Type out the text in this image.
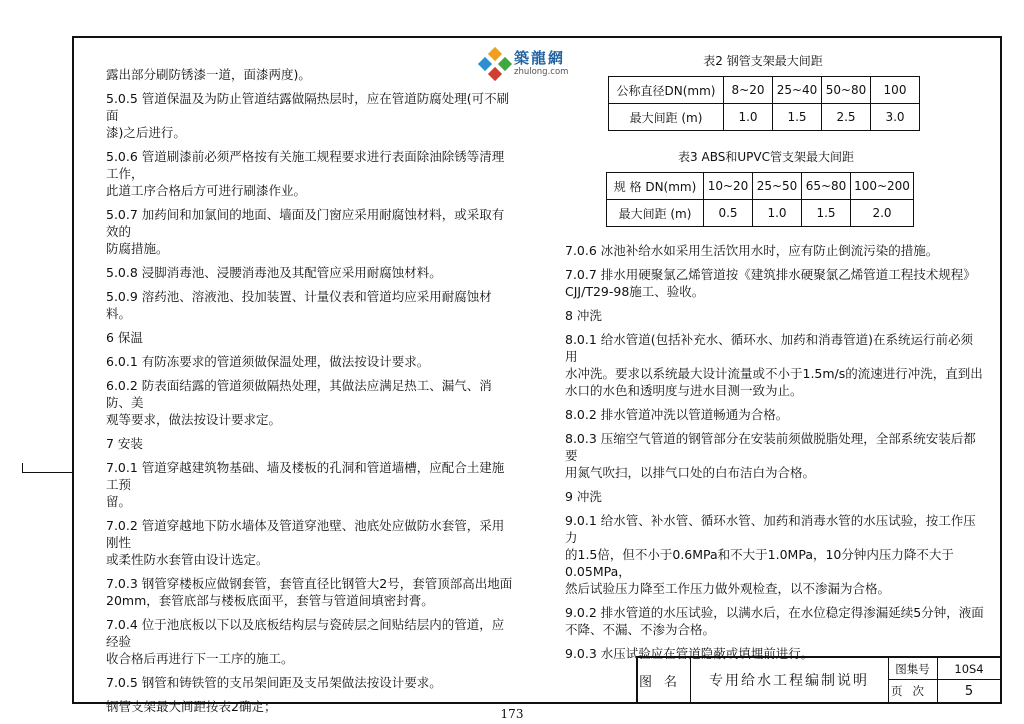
築龍網
zhulong.com

露出部分刷防锈漆一道，面漆两度)。

5.0.5 管道保温及为防止管道结露做隔热层时，应在管道防腐处理(可不刷面
漆)之后进行。

5.0.6 管道刷漆前必须严格按有关施工规程要求进行表面除油除锈等清理工作，
此道工序合格后方可进行刷漆作业。

5.0.7 加药间和加氯间的地面、墙面及门窗应采用耐腐蚀材料，或采取有效的
防腐措施。

5.0.8 浸脚消毒池、浸腰消毒池及其配管应采用耐腐蚀材料。

5.0.9 溶药池、溶液池、投加装置、计量仪表和管道均应采用耐腐蚀材料。

6 保温

6.0.1 有防冻要求的管道须做保温处理，做法按设计要求。

6.0.2 防表面结露的管道须做隔热处理，其做法应满足热工、漏气、消防、美
观等要求，做法按设计要求定。

7 安装

7.0.1 管道穿越建筑物基础、墙及楼板的孔洞和管道墙槽，应配合土建施工预
留。

7.0.2 管道穿越地下防水墙体及管道穿池壁、池底处应做防水套管，采用刚性
或柔性防水套管由设计选定。

7.0.3 钢管穿楼板应做钢套管，套管直径比钢管大2号，套管顶部高出地面
20mm，套管底部与楼板底面平，套管与管道间填密封膏。

7.0.4 位于池底板以下以及底板结构层与瓷砖层之间贴结层内的管道，应经验
收合格后再进行下一工序的施工。

7.0.5 钢管和铸铁管的支吊架间距及支吊架做法按设计要求。

钢管支架最大间距按表2确定；

表2 钢管支架最大间距
公称直径DN(mm)	8~20	25~40	50~80	100
最大间距 (m)	1.0	1.5	2.5	3.0
表3 ABS和UPVC管支架最大间距
规 格 DN(mm)	10~20	25~50	65~80	100~200
最大间距 (m)	0.5	1.0	1.5	2.0

7.0.6 冰池补给水如采用生活饮用水时，应有防止倒流污染的措施。

7.0.7 排水用硬聚氯乙烯管道按《建筑排水硬聚氯乙烯管道工程技术规程》
CJJ/T29-98施工、验收。

8 冲洗

8.0.1 给水管道(包括补充水、循环水、加药和消毒管道)在系统运行前必须用
水冲洗。要求以系统最大设计流量或不小于1.5m/s的流速进行冲洗，直到出
水口的水色和透明度与进水目测一致为止。

8.0.2 排水管道冲洗以管道畅通为合格。

8.0.3 压缩空气管道的钢管部分在安装前须做脱脂处理，全部系统安装后都要
用氮气吹扫，以排气口处的白布洁白为合格。

9 冲洗

9.0.1 给水管、补水管、循环水管、加药和消毒水管的水压试验，按工作压力
的1.5倍，但不小于0.6MPa和不大于1.0MPa，10分钟内压力降不大于0.05MPa，
然后试验压力降至工作压力做外观检查，以不渗漏为合格。

9.0.2 排水管道的水压试验，以满水后，在水位稳定得渗漏延续5分钟，液面
不降、不漏、不渗为合格。

9.0.3 水压试验应在管道隐蔽或填埋前进行。

图名	专用给水工程编制说明
图集号	10S4
页次	5
173
